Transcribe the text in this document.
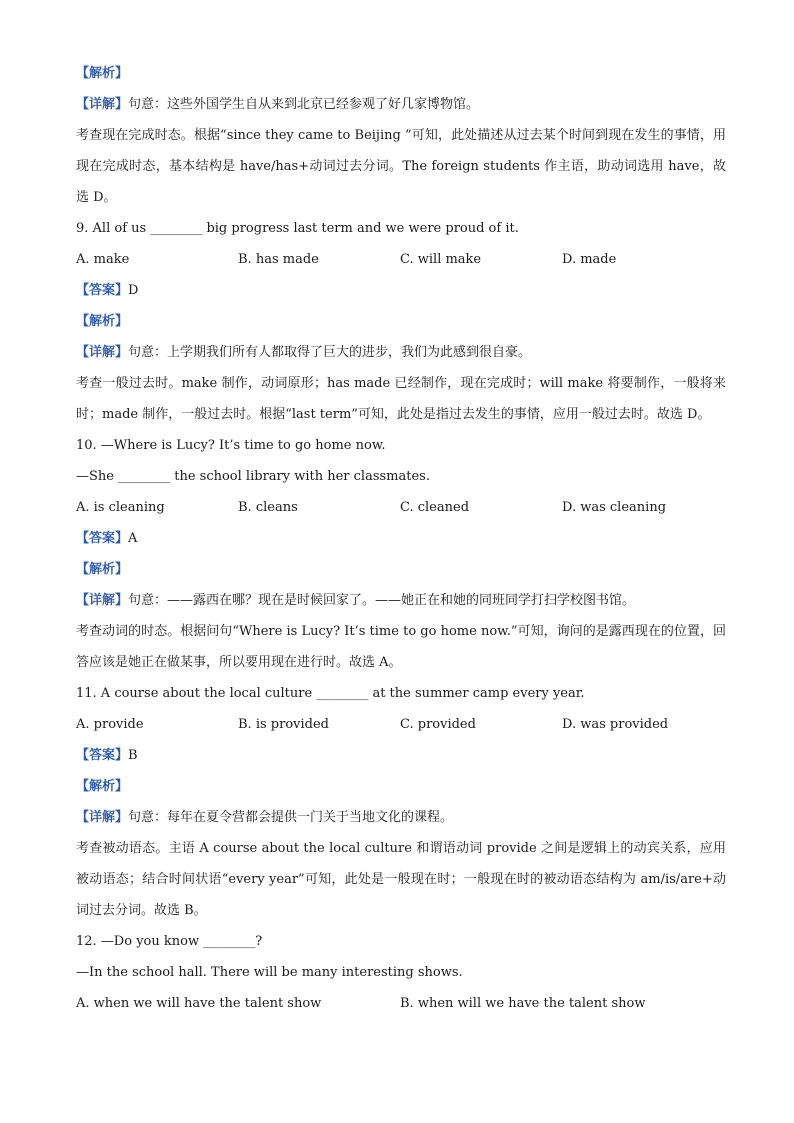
【解析】
【详解】句意：这些外国学生自从来到北京已经参观了好几家博物馆。
考查现在完成时态。根据“since they came to Beijing ”可知，此处描述从过去某个时间到现在发生的事情，用现在完成时态，基本结构是 have/has+动词过去分词。The foreign students 作主语，助动词选用 have，故选 D。
9. All of us ________ big progress last term and we were proud of it.
A. make	B. has made	C. will make	D. made
【答案】D
【解析】
【详解】句意：上学期我们所有人都取得了巨大的进步，我们为此感到很自豪。
考查一般过去时。make 制作，动词原形；has made 已经制作，现在完成时；will make 将要制作，一般将来时；made 制作，一般过去时。根据“last term”可知，此处是指过去发生的事情，应用一般过去时。故选 D。
10. —Where is Lucy? It’s time to go home now.
—She ________ the school library with her classmates.
A. is cleaning	B. cleans	C. cleaned	D. was cleaning
【答案】A
【解析】
【详解】句意：——露西在哪？现在是时候回家了。——她正在和她的同班同学打扫学校图书馆。
考查动词的时态。根据问句“Where is Lucy? It’s time to go home now.”可知，询问的是露西现在的位置，回答应该是她正在做某事，所以要用现在进行时。故选 A。
11. A course about the local culture ________ at the summer camp every year.
A. provide	B. is provided	C. provided	D. was provided
【答案】B
【解析】
【详解】句意：每年在夏令营都会提供一门关于当地文化的课程。
考查被动语态。主语 A course about the local culture 和谓语动词 provide 之间是逻辑上的动宾关系，应用被动语态；结合时间状语“every year”可知，此处是一般现在时；一般现在时的被动语态结构为 am/is/are+动词过去分词。故选 B。
12. —Do you know ________?
—In the school hall. There will be many interesting shows.
A. when we will have the talent show	B. when will we have the talent show
